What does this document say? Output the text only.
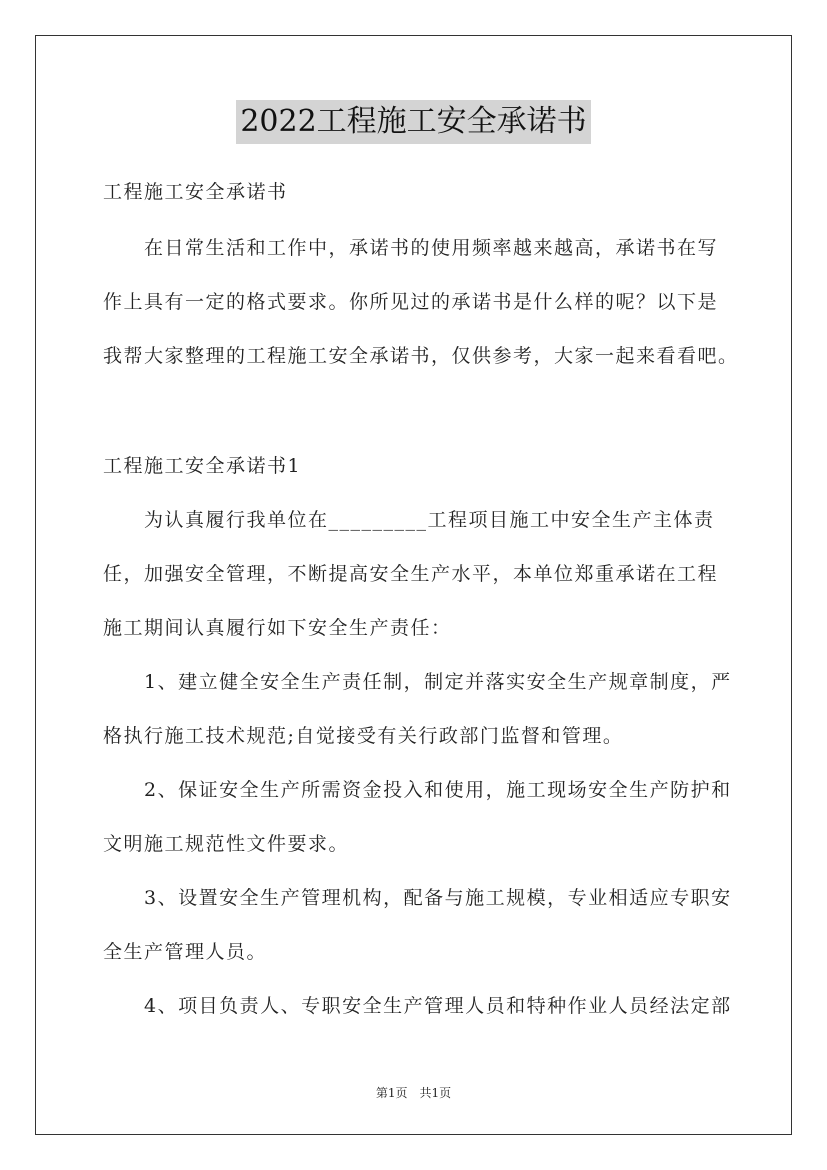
2022工程施工安全承诺书
工程施工安全承诺书
　　在日常生活和工作中，承诺书的使用频率越来越高，承诺书在写
作上具有一定的格式要求。你所见过的承诺书是什么样的呢？以下是
我帮大家整理的工程施工安全承诺书，仅供参考，大家一起来看看吧。
工程施工安全承诺书1
　　为认真履行我单位在_________工程项目施工中安全生产主体责
任，加强安全管理，不断提高安全生产水平，本单位郑重承诺在工程
施工期间认真履行如下安全生产责任：
　　1、建立健全安全生产责任制，制定并落实安全生产规章制度，严
格执行施工技术规范;自觉接受有关行政部门监督和管理。
　　2、保证安全生产所需资金投入和使用，施工现场安全生产防护和
文明施工规范性文件要求。
　　3、设置安全生产管理机构，配备与施工规模，专业相适应专职安
全生产管理人员。
　　4、项目负责人、专职安全生产管理人员和特种作业人员经法定部
第1页　共1页
